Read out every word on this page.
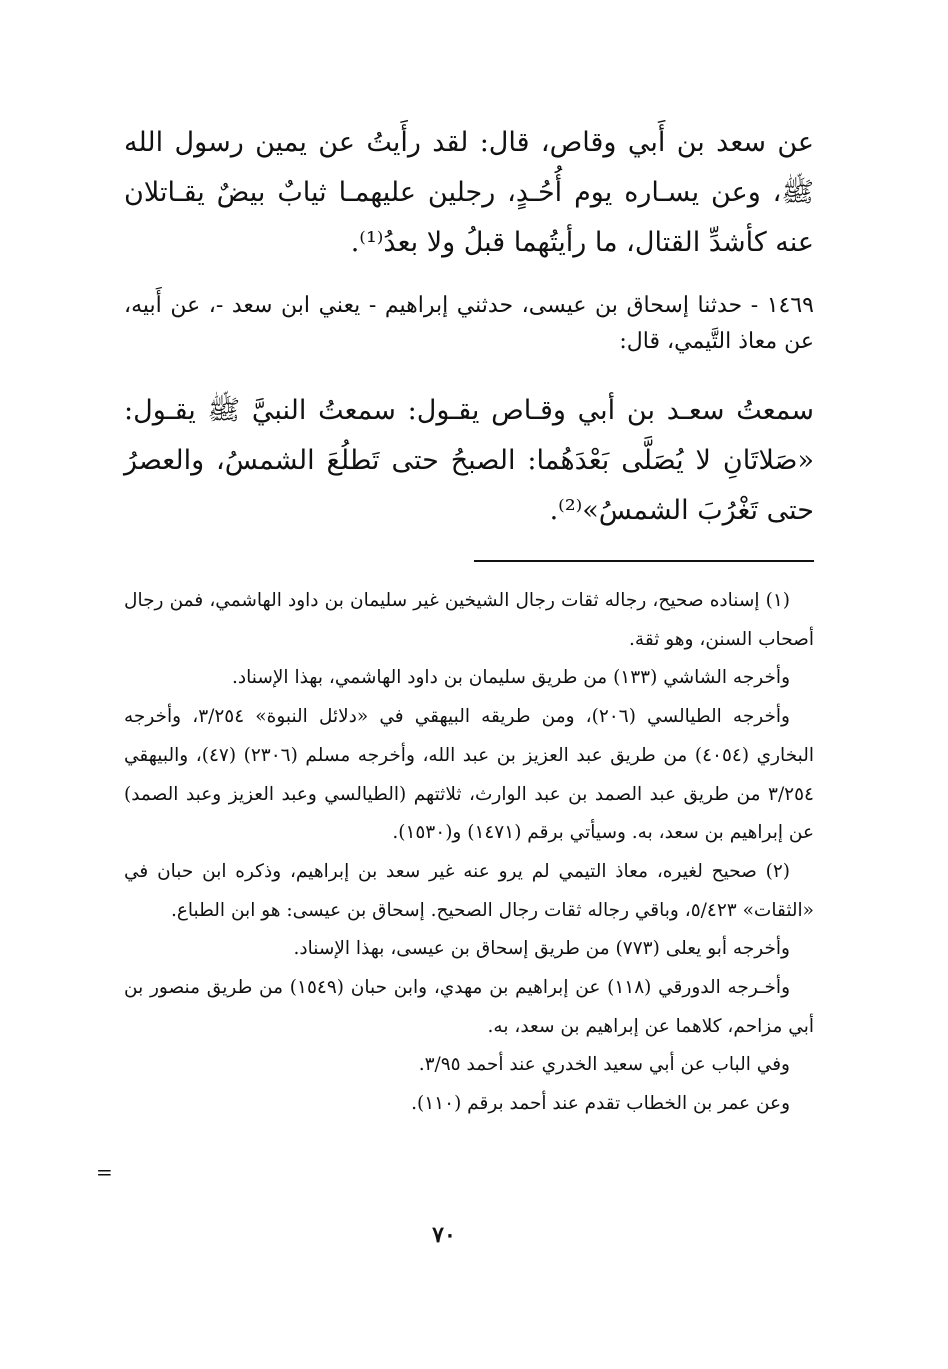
عن سعد بن أَبي وقاص، قال: لقد رأَيتُ عن يمين رسول الله ﷺ، وعن يسـاره يوم أُحُـدٍ، رجلين عليهمـا ثيابٌ بيضٌ يقـاتلان عنه كأشدِّ القتال، ما رأيتُهما قبلُ ولا بعدُ⁽¹⁾.

١٤٦٩ - حدثنا إسحاق بن عيسى، حدثني إبراهيم - يعني ابن سعد -، عن أَبيه، عن معاذ التَّيمي، قال:

سمعتُ سعـد بن أبي وقـاص يقـول: سمعتُ النبيَّ ﷺ يقـول: «صَلاتَانِ لا يُصَلَّى بَعْدَهُما: الصبحُ حتى تَطلُعَ الشمسُ، والعصرُ حتى تَغْرُبَ الشمسُ»⁽²⁾.

(١) إسناده صحيح، رجاله ثقات رجال الشيخين غير سليمان بن داود الهاشمي، فمن رجال أصحاب السنن، وهو ثقة.

وأخرجه الشاشي (١٣٣) من طريق سليمان بن داود الهاشمي، بهذا الإسناد.

وأخرجه الطيالسي (٢٠٦)، ومن طريقه البيهقي في «دلائل النبوة» ٣/٢٥٤، وأخرجه البخاري (٤٠٥٤) من طريق عبد العزيز بن عبد الله، وأخرجه مسلم (٢٣٠٦) (٤٧)، والبيهقي ٣/٢٥٤ من طريق عبد الصمد بن عبد الوارث، ثلاثتهم (الطيالسي وعبد العزيز وعبد الصمد) عن إبراهيم بن سعد، به. وسيأتي برقم (١٤٧١) و(١٥٣٠).

(٢) صحيح لغيره، معاذ التيمي لم يرو عنه غير سعد بن إبراهيم، وذكره ابن حبان في «الثقات» ٥/٤٢٣، وباقي رجاله ثقات رجال الصحيح. إسحاق بن عيسى: هو ابن الطباع.

وأخرجه أبو يعلى (٧٧٣) من طريق إسحاق بن عيسى، بهذا الإسناد.

وأخـرجه الدورقي (١١٨) عن إبراهيم بن مهدي، وابن حبان (١٥٤٩) من طريق منصور بن أبي مزاحم، كلاهما عن إبراهيم بن سعد، به.

وفي الباب عن أبي سعيد الخدري عند أحمد ٣/٩٥.

وعن عمر بن الخطاب تقدم عند أحمد برقم (١١٠).

=
٧٠
